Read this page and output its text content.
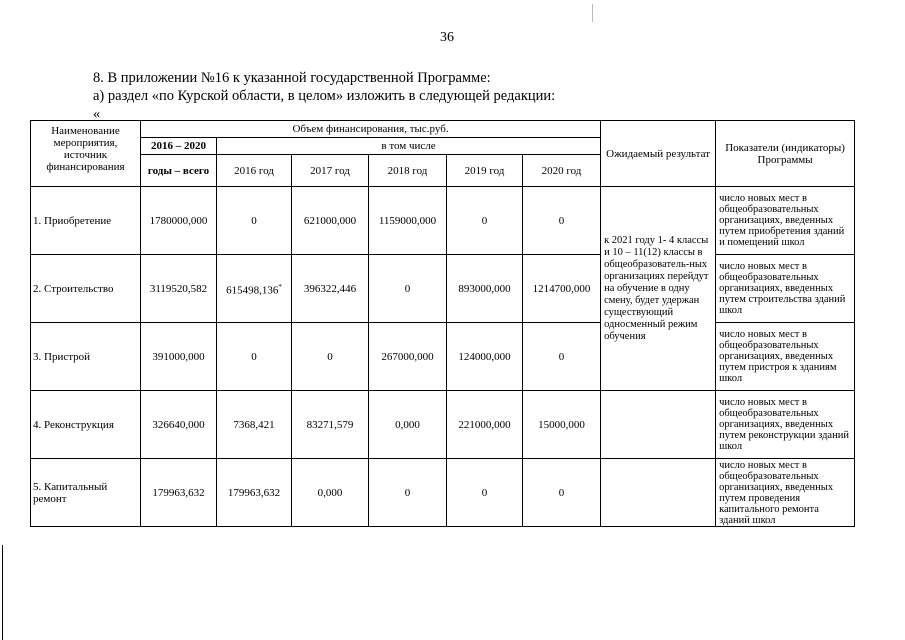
36
8. В приложении №16 к указанной государственной Программе:
а) раздел «по Курской области, в целом» изложить в следующей редакции:
«
Наименование мероприятия, источник финансирования	Объем финансирования, тыс.руб.						Ожидаемый результат	Показатели (индикаторы) Программы
	2016 – 2020	в том числе						
	годы – всего	2016 год	2017 год	2018 год	2019 год	2020 год		
1. Приобретение	1780000,000	0	621000,000	1159000,000	0	0	к 2021 году 1- 4 классы и 10 – 11(12) классы в общеобразователь-ных организациях перейдут на обучение в одну смену, будет удержан существующий односменный режим обучения	число новых мест в общеобразовательных организациях, введенных путем приобретения зданий и помещений школ
2. Строительство	3119520,582	615498,136*	396322,446	0	893000,000	1214700,000		число новых мест в общеобразовательных организациях, введенных путем строительства зданий школ
3. Пристрой	391000,000	0	0	267000,000	124000,000	0		число новых мест в общеобразовательных организациях, введенных путем пристроя к зданиям школ
4. Реконструкция	326640,000	7368,421	83271,579	0,000	221000,000	15000,000		число новых мест в общеобразовательных организациях, введенных путем реконструкции зданий школ
5. Капитальный ремонт	179963,632	179963,632	0,000	0	0	0		число новых мест в общеобразовательных организациях, введенных путем проведения капитального ремонта зданий школ
